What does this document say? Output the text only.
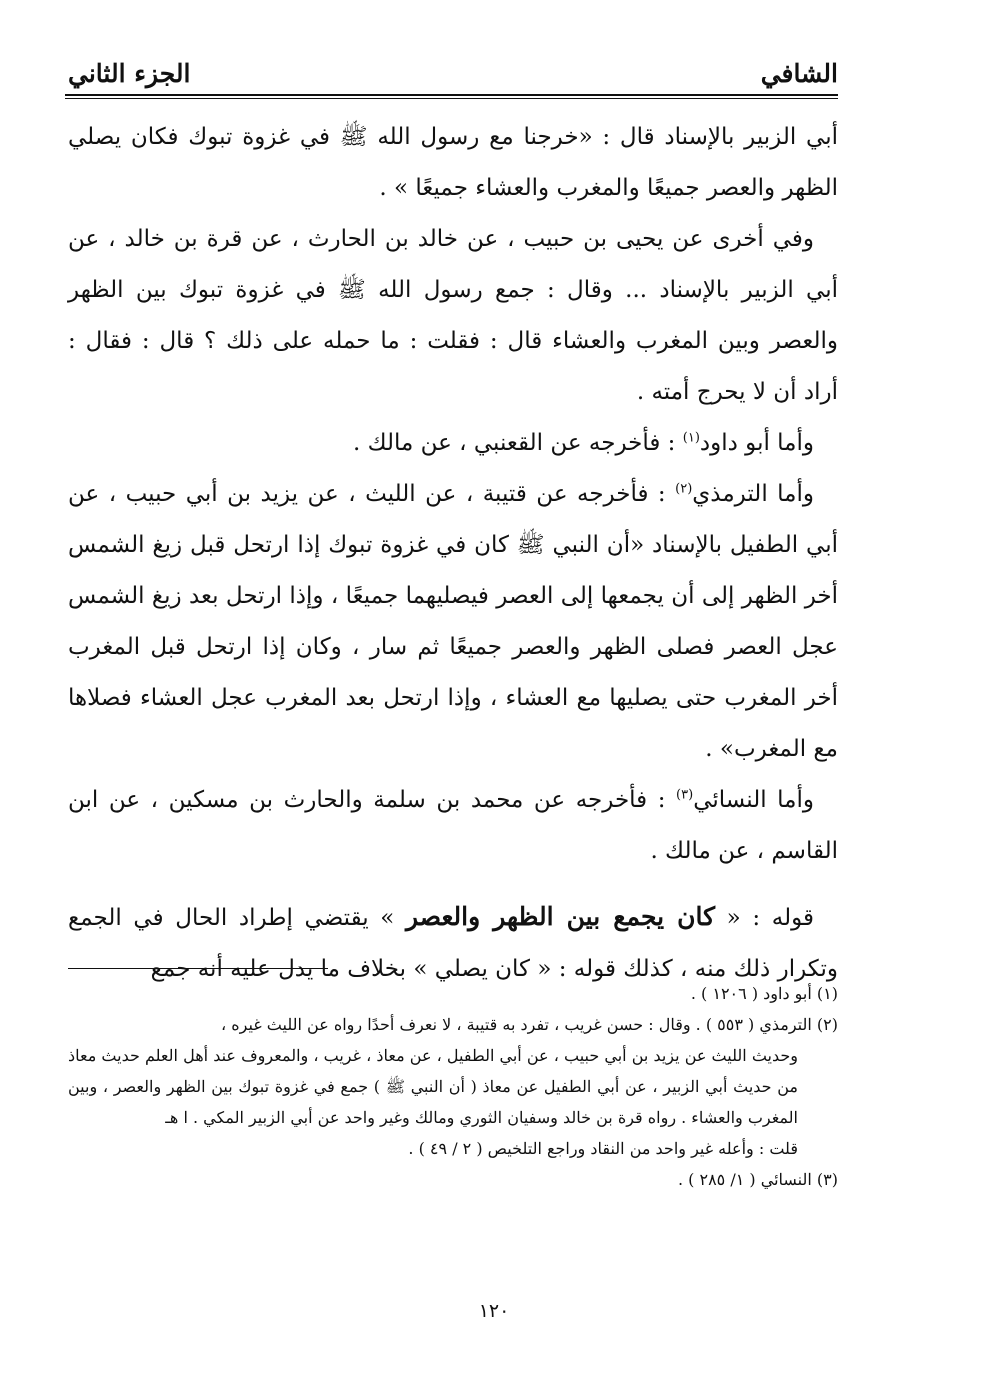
الشافي
الجزء الثاني

أبي الزبير بالإسناد قال : «خرجنا مع رسول الله ﷺ في غزوة تبوك فكان يصلي الظهر والعصر جميعًا والمغرب والعشاء جميعًا » .

وفي أخرى عن يحيى بن حبيب ، عن خالد بن الحارث ، عن قرة بن خالد ، عن أبي الزبير بالإسناد ... وقال : جمع رسول الله ﷺ في غزوة تبوك بين الظهر والعصر وبين المغرب والعشاء قال : فقلت : ما حمله على ذلك ؟ قال : فقال : أراد أن لا يحرج أمته .

وأما أبو داود$^{(١)}$ : فأخرجه عن القعنبي ، عن مالك .

وأما الترمذي$^{(٢)}$ : فأخرجه عن قتيبة ، عن الليث ، عن يزيد بن أبي حبيب ، عن أبي الطفيل بالإسناد «أن النبي ﷺ كان في غزوة تبوك إذا ارتحل قبل زيغ الشمس أخر الظهر إلى أن يجمعها إلى العصر فيصليهما جميعًا ، وإذا ارتحل بعد زيغ الشمس عجل العصر فصلى الظهر والعصر جميعًا ثم سار ، وكان إذا ارتحل قبل المغرب أخر المغرب حتى يصليها مع العشاء ، وإذا ارتحل بعد المغرب عجل العشاء فصلاها مع المغرب» .

وأما النسائي$^{(٣)}$ : فأخرجه عن محمد بن سلمة والحارث بن مسكين ، عن ابن القاسم ، عن مالك .

قوله : « كان يجمع بين الظهر والعصر » يقتضي إطراد الحال في الجمع وتكرار ذلك منه ، كذلك قوله : « كان يصلي » بخلاف ما يدل عليه أنه جمع

(١) أبو داود ( ١٢٠٦ ) .

(٢) الترمذي ( ٥٥٣ ) . وقال : حسن غريب ، تفرد به قتيبة ، لا نعرف أحدًا رواه عن الليث غيره ،

وحديث الليث عن يزيد بن أبي حبيب ، عن أبي الطفيل ، عن معاذ ، غريب ، والمعروف عند أهل العلم حديث معاذ من حديث أبي الزبير ، عن أبي الطفيل عن معاذ ( أن النبي ﷺ ) جمع في غزوة تبوك بين الظهر والعصر ، وبين المغرب والعشاء . رواه قرة بن خالد وسفيان الثوري ومالك وغير واحد عن أبي الزبير المكي . ا هـ

قلت : وأعله غير واحد من النقاد وراجع التلخيص ( ٢ / ٤٩ ) .

(٣) النسائي ( ١/ ٢٨٥ ) .

١٢٠
